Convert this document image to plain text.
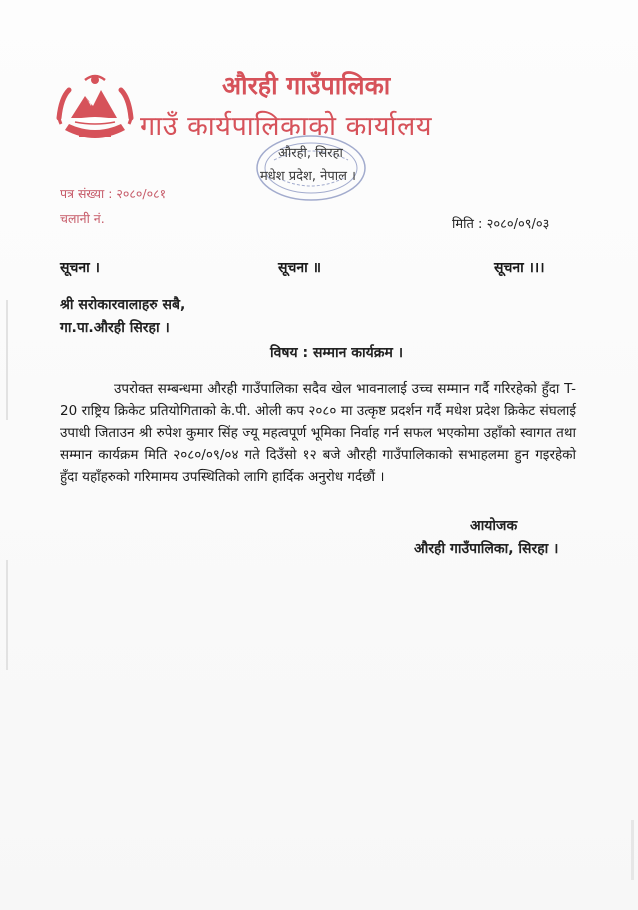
औरही गाउँपालिका
गाउँ कार्यपालिकाको कार्यालय
औरही, सिरहा
मधेश प्रदेश, नेपाल ।
पत्र संख्या : २०८०/०८१
चलानी नं.	मिति : २०८०/०९/०३
सूचना ।	सूचना ॥	सूचना ।।।
श्री सरोकारवालाहरु सबै,
गा.पा.औरही सिरहा ।
विषय : सम्मान कार्यक्रम ।
उपरोक्त सम्बन्धमा औरही गाउँपालिका सदैव खेल भावनालाई उच्च सम्मान गर्दै गरिरहेको हुँदा T-20 राष्ट्रिय क्रिकेट प्रतियोगिताको के.पी. ओली कप २०८० मा उत्कृष्ट प्रदर्शन गर्दै मधेश प्रदेश क्रिकेट संघलाई उपाधी जिताउन श्री रुपेश कुमार सिंह ज्यू महत्वपूर्ण भूमिका निर्वाह गर्न सफल भएकोमा उहाँको स्वागत तथा सम्मान कार्यक्रम मिति २०८०/०९/०४ गते दिउँसो १२ बजे औरही गाउँपालिकाको सभाहलमा हुन गइरहेको हुँदा यहाँहरुको गरिमामय उपस्थितिको लागि हार्दिक अनुरोध गर्दछौं ।
आयोजक
औरही गाउँपालिका, सिरहा ।
